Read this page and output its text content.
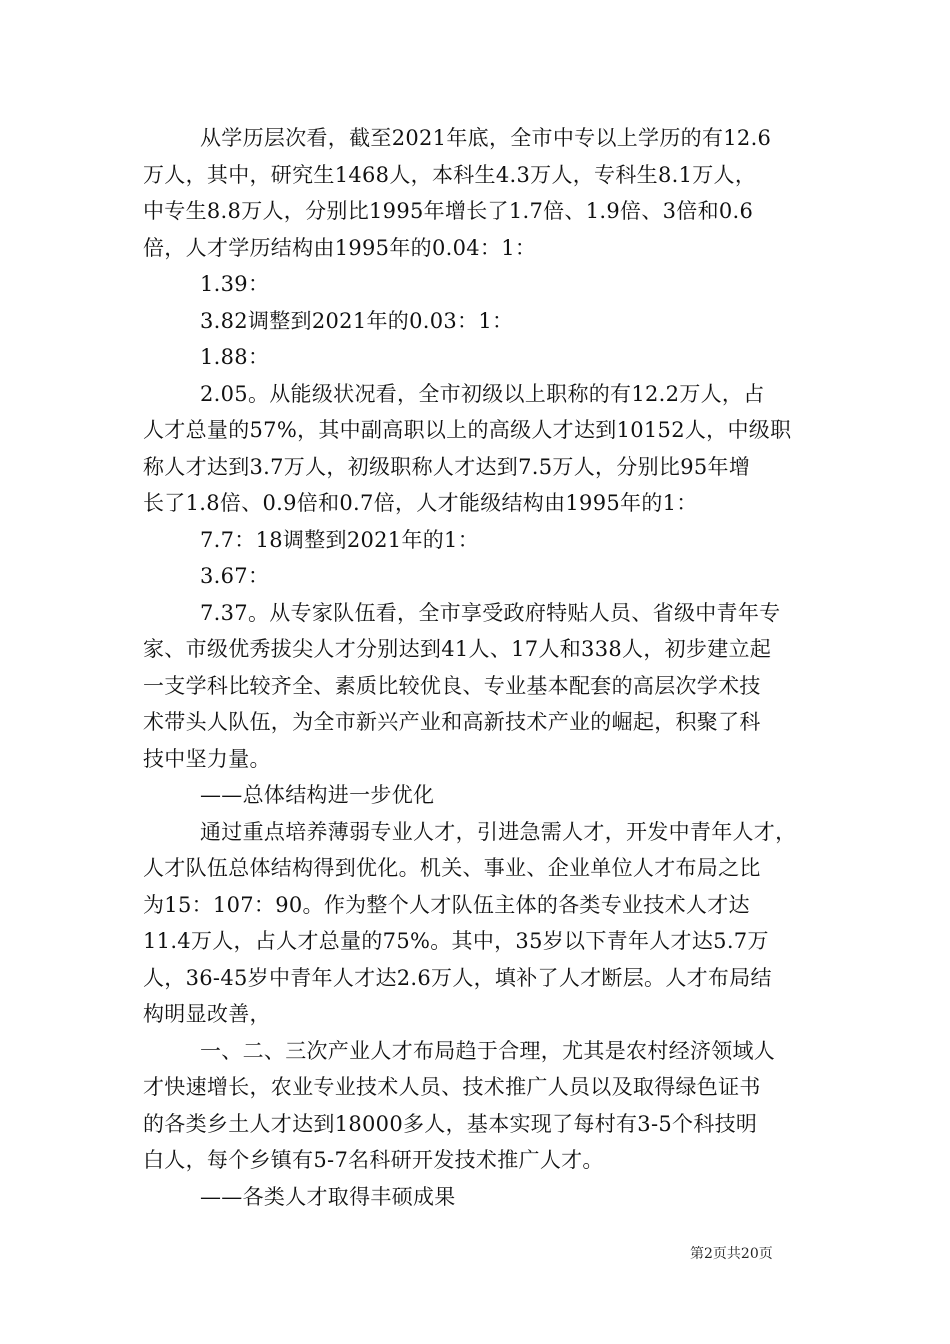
从学历层次看，截至2021年底，全市中专以上学历的有12.6
万人，其中，研究生1468人，本科生4.3万人，专科生8.1万人，
中专生8.8万人，分别比1995年增长了1.7倍、1.9倍、3倍和0.6
倍，人才学历结构由1995年的0.04：1：
1.39：
3.82调整到2021年的0.03：1：
1.88：
2.05。从能级状况看，全市初级以上职称的有12.2万人，占
人才总量的57%，其中副高职以上的高级人才达到10152人，中级职
称人才达到3.7万人，初级职称人才达到7.5万人，分别比95年增
长了1.8倍、0.9倍和0.7倍，人才能级结构由1995年的1：
7.7：18调整到2021年的1：
3.67：
7.37。从专家队伍看，全市享受政府特贴人员、省级中青年专
家、市级优秀拔尖人才分别达到41人、17人和338人，初步建立起
一支学科比较齐全、素质比较优良、专业基本配套的高层次学术技
术带头人队伍，为全市新兴产业和高新技术产业的崛起，积聚了科
技中坚力量。
——总体结构进一步优化
通过重点培养薄弱专业人才，引进急需人才，开发中青年人才，
人才队伍总体结构得到优化。机关、事业、企业单位人才布局之比
为15：107：90。作为整个人才队伍主体的各类专业技术人才达
11.4万人，占人才总量的75%。其中，35岁以下青年人才达5.7万
人，36-45岁中青年人才达2.6万人，填补了人才断层。人才布局结
构明显改善，
一、二、三次产业人才布局趋于合理，尤其是农村经济领域人
才快速增长，农业专业技术人员、技术推广人员以及取得绿色证书
的各类乡土人才达到18000多人，基本实现了每村有3-5个科技明
白人，每个乡镇有5-7名科研开发技术推广人才。
——各类人才取得丰硕成果
第2页共20页
